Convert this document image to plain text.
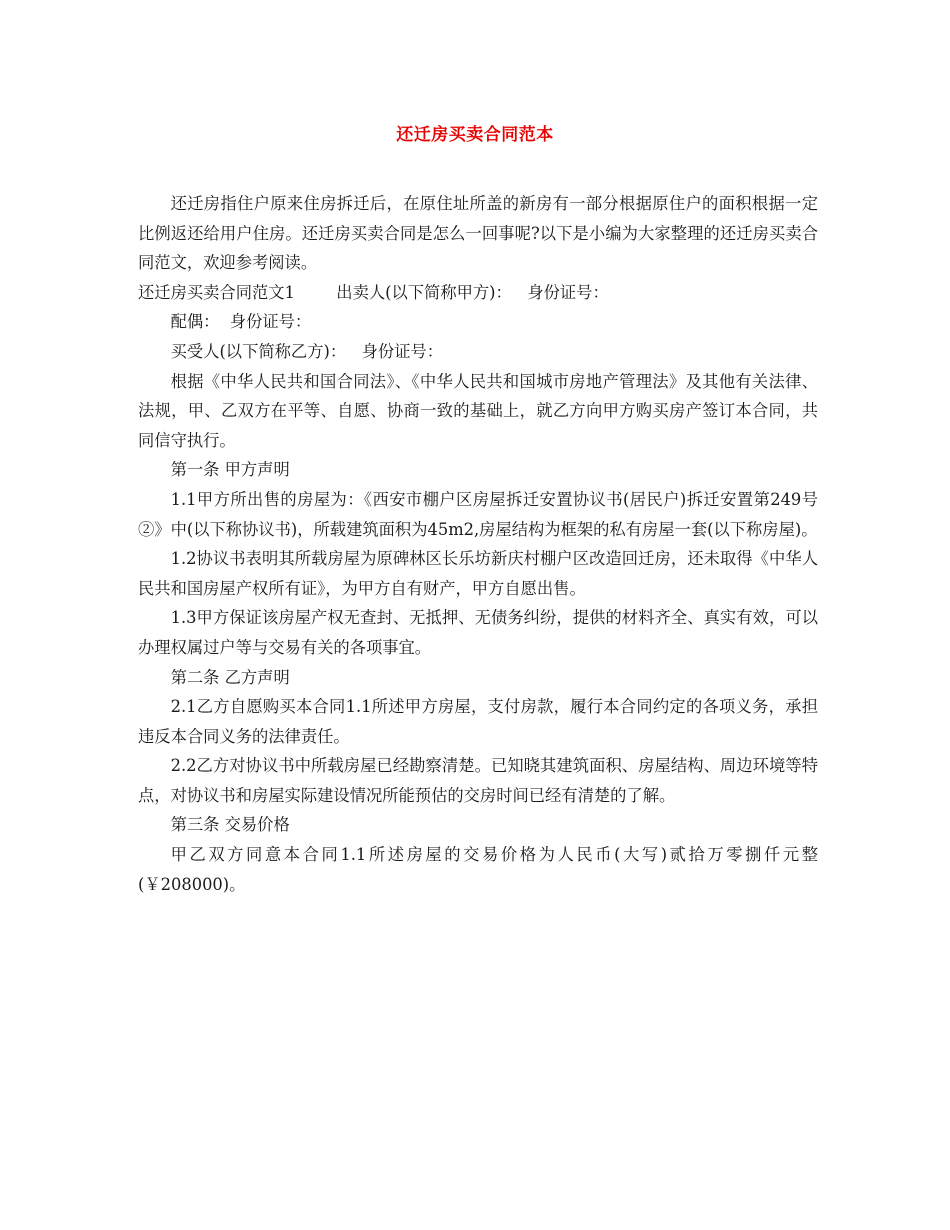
还迁房买卖合同范本

还迁房指住户原来住房拆迁后，在原住址所盖的新房有一部分根据原住户的面积根据一定比例返还给用户住房。还迁房买卖合同是怎么一回事呢?以下是小编为大家整理的还迁房买卖合同范文，欢迎参考阅读。

还迁房买卖合同范文1        出卖人(以下简称甲方)：   身份证号：

配偶：  身份证号：

买受人(以下简称乙方)：   身份证号：

根据《中华人民共和国合同法》、《中华人民共和国城市房地产管理法》及其他有关法律、法规，甲、乙双方在平等、自愿、协商一致的基础上，就乙方向甲方购买房产签订本合同，共同信守执行。

第一条 甲方声明

1.1甲方所出售的房屋为：《西安市棚户区房屋拆迁安置协议书(居民户)拆迁安置第249号②》中(以下称协议书)，所载建筑面积为45m2,房屋结构为框架的私有房屋一套(以下称房屋)。

1.2协议书表明其所载房屋为原碑林区长乐坊新庆村棚户区改造回迁房，还未取得《中华人民共和国房屋产权所有证》，为甲方自有财产，甲方自愿出售。

1.3甲方保证该房屋产权无查封、无抵押、无债务纠纷，提供的材料齐全、真实有效，可以办理权属过户等与交易有关的各项事宜。

第二条 乙方声明

2.1乙方自愿购买本合同1.1所述甲方房屋，支付房款，履行本合同约定的各项义务，承担违反本合同义务的法律责任。

2.2乙方对协议书中所载房屋已经勘察清楚。已知晓其建筑面积、房屋结构、周边环境等特点，对协议书和房屋实际建设情况所能预估的交房时间已经有清楚的了解。

第三条 交易价格

甲乙双方同意本合同1.1所述房屋的交易价格为人民币(大写)贰拾万零捌仟元整(￥208000)。
